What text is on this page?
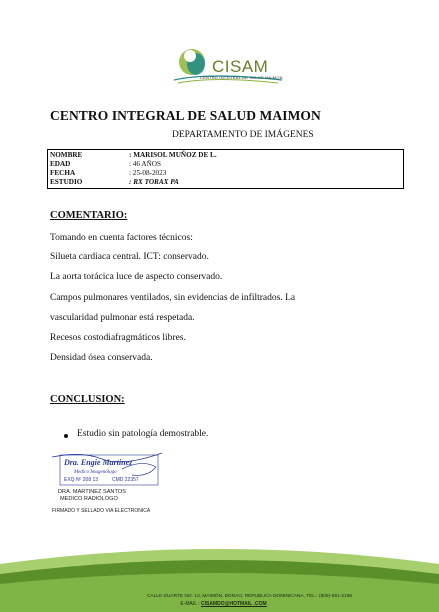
CISAM
CENTRO INTEGRAL DE SALUD MAIMON
CENTRO INTEGRAL DE SALUD MAIMON
DEPARTAMENTO DE IMÁGENES
NOMBRE	: MARISOL MUÑOZ DE L.
EDAD	: 46 AÑOS
FECHA	: 25-08-2023
ESTUDIO	: RX TORAX PA
COMENTARIO:
Tomando en cuenta factores técnicos:
Silueta cardiaca central. ICT: conservado.
La aorta torácica luce de aspecto conservado.
Campos pulmonares ventilados, sin evidencias de infiltrados. La
vascularidad pulmonar está respetada.
Recesos costodiafragmáticos libres.
Densidad ósea conservada.
CONCLUSION:
Estudio sin patología demostrable.
Dra. Engie Martinez
Medico Imagenólogo
EXQ Nº 208 13	CMD 22357
DRA. MARTINEZ SANTOS
MEDICO RADIOLOGO
FIRMADO Y SELLADO VIA ELECTRONICA
CALLE DUARTE NO. 13, MAIMÓN, BONAO, REPUBLICA DOMINICANA, TEL.: (809)-551-2196
E-MAIL : CISAMDO@HOTMAIL .COM
